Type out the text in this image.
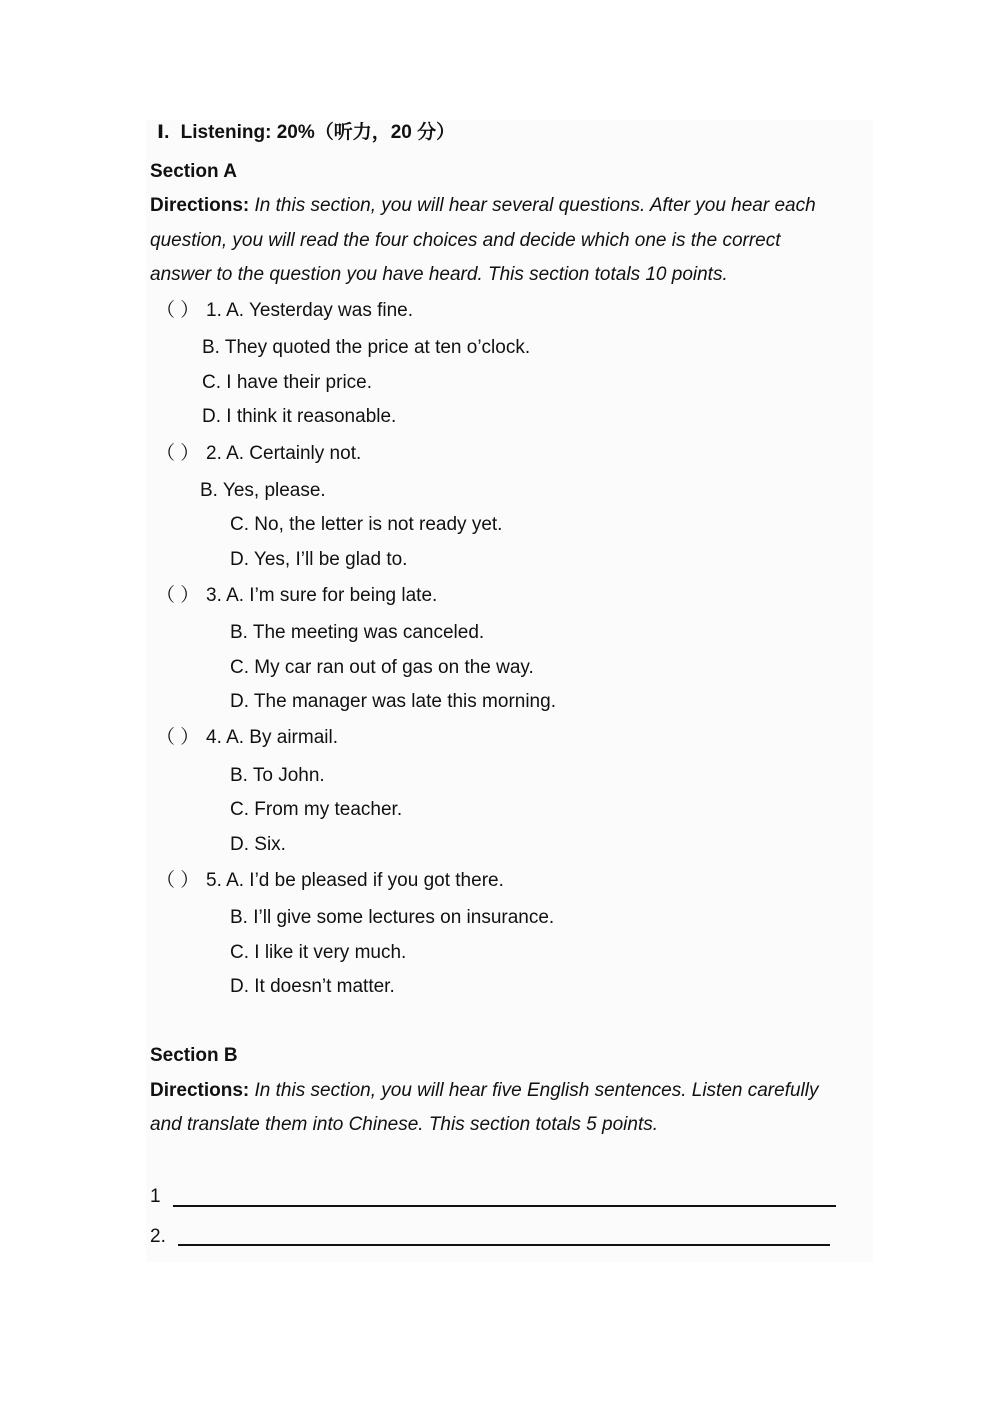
Ⅰ. Listening: 20%（听力，20 分）
Section A
Directions: In this section, you will hear several questions. After you hear each
question, you will read the four choices and decide which one is the correct
answer to the question you have heard. This section totals 10 points.
（ ） 1. A. Yesterday was fine.
B. They quoted the price at ten o’clock.
C. I have their price.
D. I think it reasonable.
（ ） 2. A. Certainly not.
B. Yes, please.
C. No, the letter is not ready yet.
D. Yes, I’ll be glad to.
（ ） 3. A. I’m sure for being late.
B. The meeting was canceled.
C. My car ran out of gas on the way.
D. The manager was late this morning.
（ ） 4. A. By airmail.
B. To John.
C. From my teacher.
D. Six.
（ ） 5. A. I’d be pleased if you got there.
B. I’ll give some lectures on insurance.
C. I like it very much.
D. It doesn’t matter.
Section B
Directions: In this section, you will hear five English sentences. Listen carefully
and translate them into Chinese. This section totals 5 points.
1
2.
